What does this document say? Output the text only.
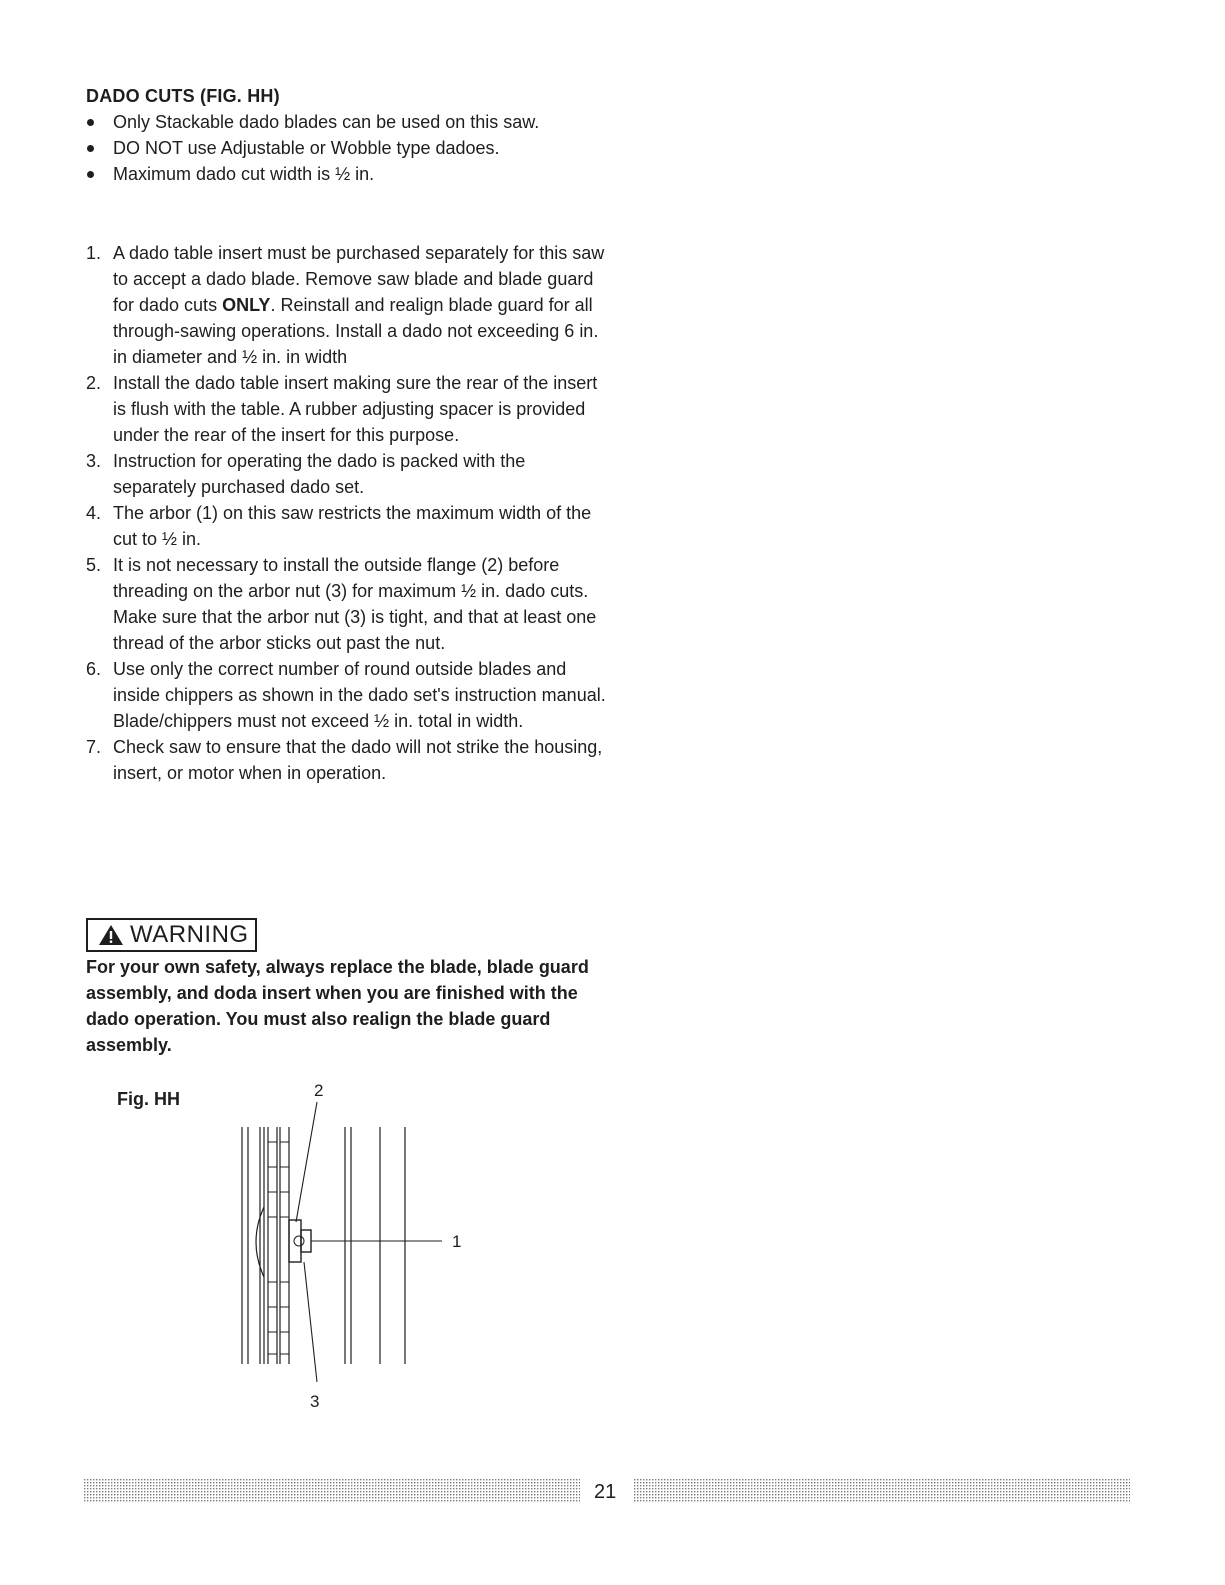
DADO CUTS (FIG. HH)
Only Stackable dado blades can be used on this saw.
DO NOT use Adjustable or Wobble type dadoes.
Maximum dado cut width is ½ in.
1. A dado table insert must be purchased separately for this saw to accept a dado blade. Remove saw blade and blade guard for dado cuts ONLY. Reinstall and realign blade guard for all through-sawing operations. Install a dado not exceeding 6 in. in diameter and ½ in. in width
2. Install the dado table insert making sure the rear of the insert is flush with the table. A rubber adjusting spacer is provided under the rear of the insert for this purpose.
3. Instruction for operating the dado is packed with the separately purchased dado set.
4. The arbor (1) on this saw restricts the maximum width of the cut to ½ in.
5. It is not necessary to install the outside flange (2) before threading on the arbor nut (3) for maximum ½ in. dado cuts. Make sure that the arbor nut (3) is tight, and that at least one thread of the arbor sticks out past the nut.
6. Use only the correct number of round outside blades and inside chippers as shown in the dado set's instruction manual. Blade/chippers must not exceed ½ in. total in width.
7. Check saw to ensure that the dado will not strike the housing, insert, or motor when in operation.
WARNING
For your own safety, always replace the blade, blade guard assembly, and doda insert when you are finished with the dado operation. You must also realign the blade guard assembly.
Fig. HH	2
1
3
21
